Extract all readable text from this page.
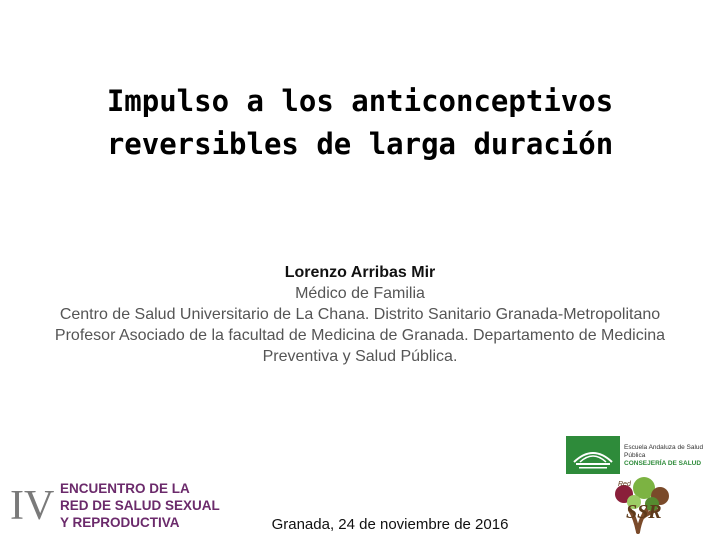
Impulso a los anticonceptivos
reversibles de larga duración
Lorenzo Arribas Mir
Médico de Familia
Centro de Salud Universitario de La Chana. Distrito Sanitario Granada-Metropolitano
Profesor Asociado de la facultad de Medicina de Granada. Departamento de Medicina
Preventiva y Salud Pública.
IV ENCUENTRO DE LA
RED DE SALUD SEXUAL
Y REPRODUCTIVA	Granada, 24 de noviembre de 2016
Escuela Andaluza de Salud Pública
CONSEJERÍA DE SALUD
Red
SSR
